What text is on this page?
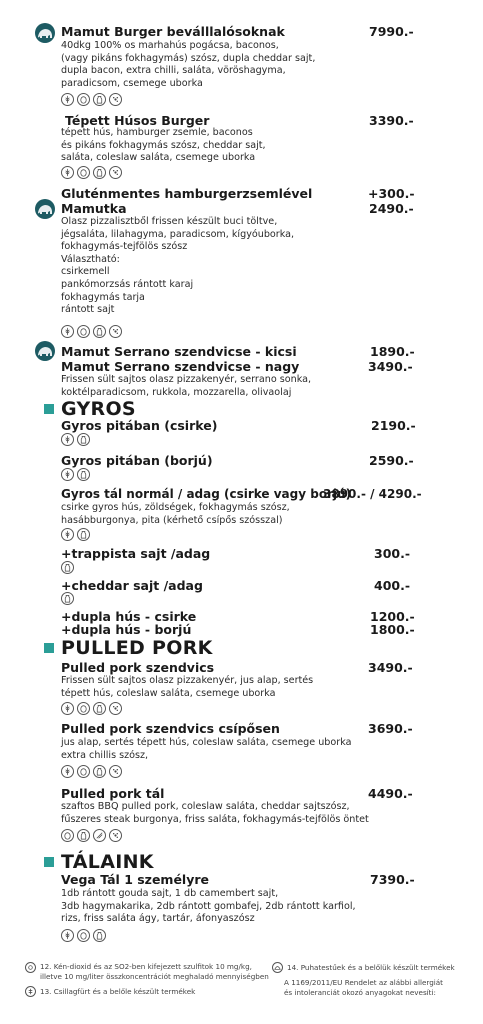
Mamut Burger beválllalósoknak	7990.-
40dkg 100% os marhahús pogácsa, baconos,
(vagy pikáns fokhagymás) szósz, dupla cheddar sajt,
dupla bacon, extra chilli, saláta, vöröshagyma,
paradicsom, csemege uborka
Tépett Húsos Burger	3390.-
tépett hús, hamburger zsemle, baconos
és pikáns fokhagymás szósz, cheddar sajt,
saláta, coleslaw saláta, csemege uborka
Gluténmentes hamburgerzsemlével	+300.-
Mamutka	2490.-
Olasz pizzalisztből frissen készült buci töltve,
jégsaláta, lilahagyma, paradicsom, kígyóuborka,
fokhagymás-tejfölös szósz
Választható:
csirkemell
pankómorzsás rántott karaj
fokhagymás tarja
rántott sajt
Mamut Serrano szendvicse - kicsi	1890.-
Mamut Serrano szendvicse - nagy	3490.-
Frissen sült sajtos olasz pizzakenyér, serrano sonka,
koktélparadicsom, rukkola, mozzarella, olivaolaj
GYROS
Gyros pitában (csirke)	2190.-
Gyros pitában (borjú)	2590.-
Gyros tál normál / adag (csirke vagy borjú)
3890.- / 4290.-
csirke gyros hús, zöldségek, fokhagymás szósz,
hasábburgonya, pita (kérhető csípős szósszal)
+trappista sajt /adag	300.-
+cheddar sajt /adag	400.-
+dupla hús - csirke	1200.-
+dupla hús - borjú	1800.-
PULLED PORK
Pulled pork szendvics	3490.-
Frissen sült sajtos olasz pizzakenyér, jus alap, sertés
tépett hús, coleslaw saláta, csemege uborka
Pulled pork szendvics csípősen	3690.-
jus alap, sertés tépett hús, coleslaw saláta, csemege uborka
extra chillis szósz,
Pulled pork tál	4490.-
szaftos BBQ pulled pork, coleslaw saláta, cheddar sajtszósz,
fűszeres steak burgonya, friss saláta, fokhagymás-tejfölös öntet
TÁLAINK
Vega Tál 1 személyre	7390.-
1db rántott gouda sajt, 1 db camembert sajt,
3db hagymakarika, 2db rántott gombafej, 2db rántott karfiol,
rizs, friss saláta ágy, tartár, áfonyaszósz
12. Kén-dioxid és az SO2-ben kifejezett szulfitok 10 mg/kg,
illetve 10 mg/liter összkoncentrációt meghaladó mennyiségben
13. Csillagfürt és a belőle készült termékek
14. Puhatestűek és a belőlük készült termékek
A 1169/2011/EU Rendelet az alábbi allergiát
és intoleranciát okozó anyagokat nevesíti:
